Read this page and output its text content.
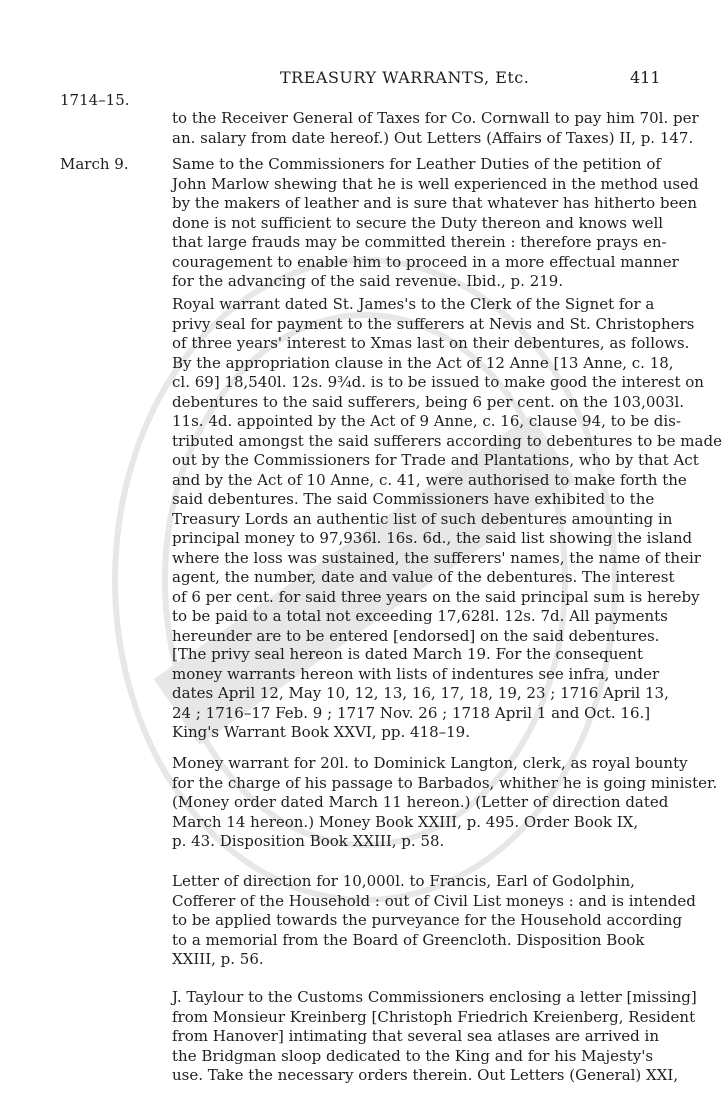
TREASURY WARRANTS, Etc.	411
1714–15.
March 9.

to the Receiver General of Taxes for Co. Cornwall to pay him 70l. per
an. salary from date hereof.) Out Letters (Affairs of Taxes) II, p. 147.

Same to the Commissioners for Leather Duties of the petition of
John Marlow shewing that he is well experienced in the method used
by the makers of leather and is sure that whatever has hitherto been
done is not sufficient to secure the Duty thereon and knows well
that large frauds may be committed therein : therefore prays en-
couragement to enable him to proceed in a more effectual manner
for the advancing of the said revenue. Ibid., p. 219.

Royal warrant dated St. James's to the Clerk of the Signet for a
privy seal for payment to the sufferers at Nevis and St. Christophers
of three years' interest to Xmas last on their debentures, as follows.
By the appropriation clause in the Act of 12 Anne [13 Anne, c. 18,
cl. 69] 18,540l. 12s. 9¾d. is to be issued to make good the interest on
debentures to the said sufferers, being 6 per cent. on the 103,003l.
11s. 4d. appointed by the Act of 9 Anne, c. 16, clause 94, to be dis-
tributed amongst the said sufferers according to debentures to be made
out by the Commissioners for Trade and Plantations, who by that Act
and by the Act of 10 Anne, c. 41, were authorised to make forth the
said debentures. The said Commissioners have exhibited to the
Treasury Lords an authentic list of such debentures amounting in
principal money to 97,936l. 16s. 6d., the said list showing the island
where the loss was sustained, the sufferers' names, the name of their
agent, the number, date and value of the debentures. The interest
of 6 per cent. for said three years on the said principal sum is hereby
to be paid to a total not exceeding 17,628l. 12s. 7d. All payments
hereunder are to be entered [endorsed] on the said debentures.

[The privy seal hereon is dated March 19. For the consequent
money warrants hereon with lists of indentures see infra, under
dates April 12, May 10, 12, 13, 16, 17, 18, 19, 23 ; 1716 April 13,
24 ; 1716–17 Feb. 9 ; 1717 Nov. 26 ; 1718 April 1 and Oct. 16.]
King's Warrant Book XXVI, pp. 418–19.

Money warrant for 20l. to Dominick Langton, clerk, as royal bounty
for the charge of his passage to Barbados, whither he is going minister.
(Money order dated March 11 hereon.) (Letter of direction dated
March 14 hereon.) Money Book XXIII, p. 495. Order Book IX,
p. 43. Disposition Book XXIII, p. 58.

Letter of direction for 10,000l. to Francis, Earl of Godolphin,
Cofferer of the Household : out of Civil List moneys : and is intended
to be applied towards the purveyance for the Household according
to a memorial from the Board of Greencloth. Disposition Book
XXIII, p. 56.

J. Taylour to the Customs Commissioners enclosing a letter [missing]
from Monsieur Kreinberg [Christoph Friedrich Kreienberg, Resident
from Hanover] intimating that several sea atlases are arrived in
the Bridgman sloop dedicated to the King and for his Majesty's
use. Take the necessary orders therein. Out Letters (General) XXI,
